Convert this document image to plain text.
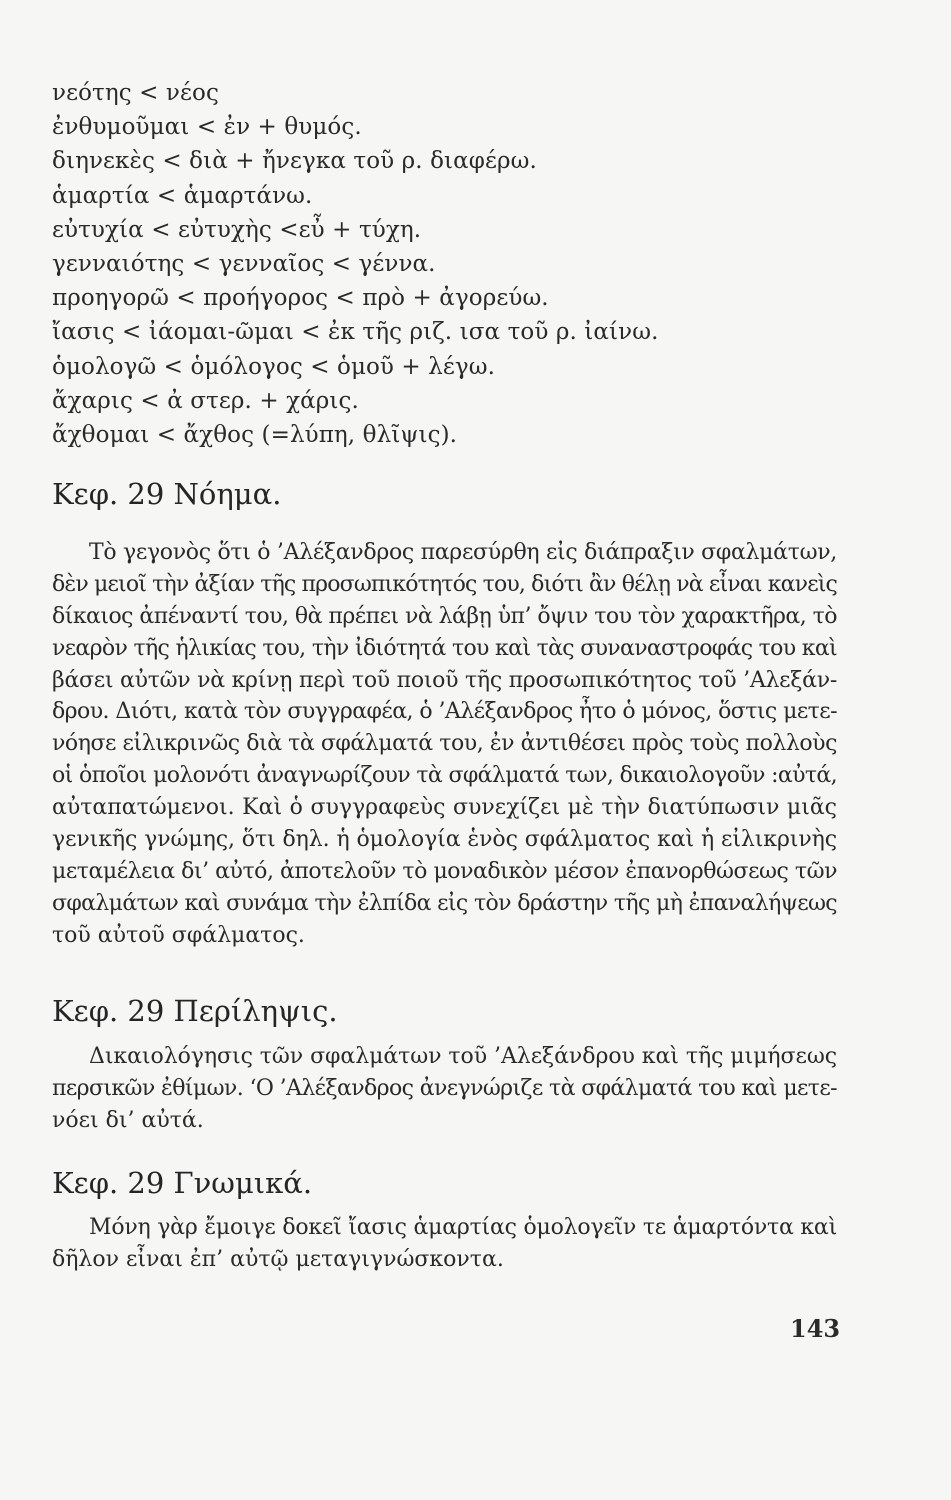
νεότης < νέος
ἐνθυμοῦμαι < ἐν + θυμός.
διηνεκὲς < διὰ + ἤνεγκα τοῦ ρ. διαφέρω.
ἁμαρτία < ἁμαρτάνω.
εὐτυχία < εὐτυχὴς <εὖ + τύχη.
γενναιότης < γενναῖος < γέννα.
προηγορῶ < προήγορος < πρὸ + ἀγορεύω.
ἴασις < ἰάομαι-ῶμαι < ἐκ τῆς ριζ. ισα τοῦ ρ. ἰαίνω.
ὁμολογῶ < ὁμόλογος < ὁμοῦ + λέγω.
ἄχαρις < ἀ στερ. + χάρις.
ἄχθομαι < ἄχθος (=λύπη, θλῖψις).
Κεφ. 29 Νόημα.
Τὸ γεγονὸς ὅτι ὁ ’Αλέξανδρος παρεσύρθη εἰς διάπραξιν σφαλμάτων,
δὲν μειοῖ τὴν ἀξίαν τῆς προσωπικότητός του, διότι ἂν θέλῃ νὰ εἶναι κανεὶς
δίκαιος ἀπέναντί του, θὰ πρέπει νὰ λάβῃ ὑπ’ ὄψιν του τὸν χαρακτῆρα, τὸ
νεαρὸν τῆς ἡλικίας του, τὴν ἰδιότητά του καὶ τὰς συναναστροφάς του καὶ
βάσει αὐτῶν νὰ κρίνῃ περὶ τοῦ ποιοῦ τῆς προσωπικότητος τοῦ ’Αλεξάν-
δρου. Διότι, κατὰ τὸν συγγραφέα, ὁ ’Αλέξανδρος ἦτο ὁ μόνος, ὅστις μετε-
νόησε εἰλικρινῶς διὰ τὰ σφάλματά του, ἐν ἀντιθέσει πρὸς τοὺς πολλοὺς
οἱ ὁποῖοι μολονότι ἀναγνωρίζουν τὰ σφάλματά των, δικαιολογοῦν :αὐτά,
αὐταπατώμενοι. Καὶ ὁ συγγραφεὺς συνεχίζει μὲ τὴν διατύπωσιν μιᾶς
γενικῆς γνώμης, ὅτι δηλ. ἡ ὁμολογία ἑνὸς σφάλματος καὶ ἡ εἰλικρινὴς
μεταμέλεια δι’ αὐτό, ἀποτελοῦν τὸ μοναδικὸν μέσον ἐπανορθώσεως τῶν
σφαλμάτων καὶ συνάμα τὴν ἐλπίδα εἰς τὸν δράστην τῆς μὴ ἐπαναλήψεως
τοῦ αὐτοῦ σφάλματος.
Κεφ. 29 Περίληψις.
Δικαιολόγησις τῶν σφαλμάτων τοῦ ’Αλεξάνδρου καὶ τῆς μιμήσεως
περσικῶν ἐθίμων. ‘Ο ’Αλέξανδρος ἀνεγνώριζε τὰ σφάλματά του καὶ μετε-
νόει δι’ αὐτά.
Κεφ. 29 Γνωμικά.
Μόνη γὰρ ἔμοιγε δοκεῖ ἴασις ἁμαρτίας ὁμολογεῖν τε ἁμαρτόντα καὶ
δῆλον εἶναι ἐπ’ αὐτῷ μεταγιγνώσκοντα.
143
